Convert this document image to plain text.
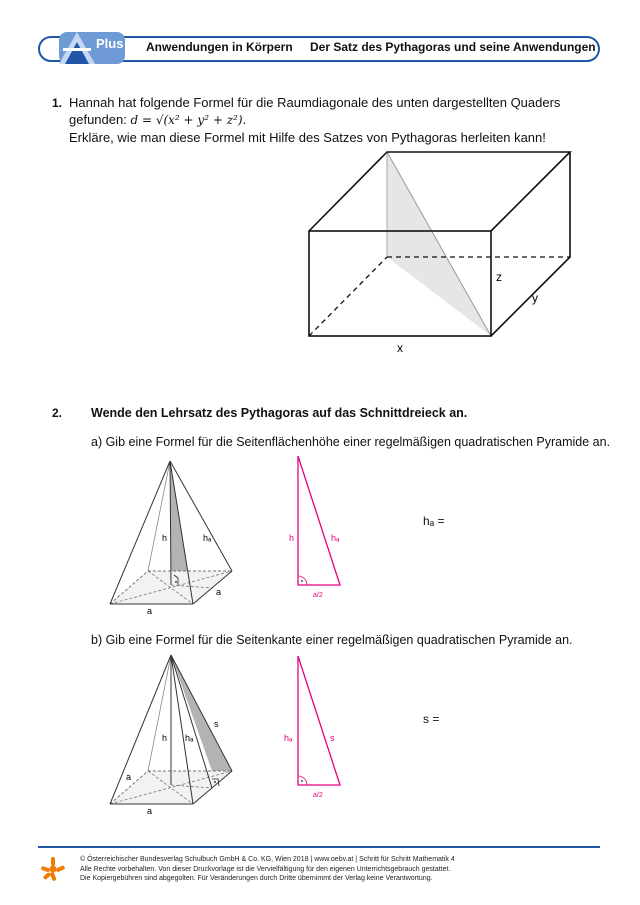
Plus Anwendungen in Körpern Der Satz des Pythagoras und seine Anwendungen
1. Hannah hat folgende Formel für die Raumdiagonale des unten dargestellten Quaders
gefunden: d = √(x² + y² + z²).
Erkläre, wie man diese Formel mit Hilfe des Satzes von Pythagoras herleiten kann!
x
y
z
2. Wende den Lehrsatz des Pythagoras auf das Schnittdreieck an.
a) Gib eine Formel für die Seitenflächenhöhe einer regelmäßigen quadratischen Pyramide an.
h	hₐ
a
a
h	hₐ
a/2
hₐ =
b) Gib eine Formel für die Seitenkante einer regelmäßigen quadratischen Pyramide an.
h hₐ
s
a
a
hₐ	s
a/2
s =
© Österreichischer Bundesverlag Schulbuch GmbH & Co. KG, Wien 2018 | www.oebv.at | Schritt für Schritt Mathematik 4
Alle Rechte vorbehalten. Von dieser Druckvorlage ist die Vervielfältigung für den eigenen Unterrichtsgebrauch gestattet.
Die Kopiergebühren sind abgegolten. Für Veränderungen durch Dritte übernimmt der Verlag keine Verantwortung.
